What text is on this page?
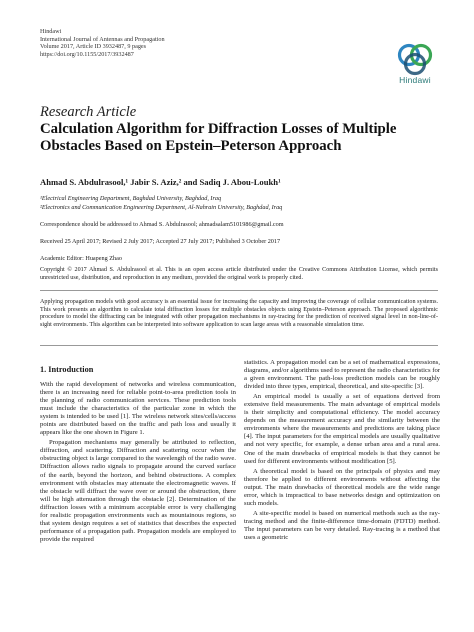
Hindawi
International Journal of Antennas and Propagation
Volume 2017, Article ID 3932487, 9 pages
https://doi.org/10.1155/2017/3932487
Hindawi
Research Article
Calculation Algorithm for Diffraction Losses of Multiple Obstacles Based on Epstein–Peterson Approach
Ahmad S. Abdulrasool,¹ Jabir S. Aziz,² and Sadiq J. Abou-Loukh¹
¹Electrical Engineering Department, Baghdad University, Baghdad, Iraq
²Electronics and Communication Engineering Department, Al-Nahrain University, Baghdad, Iraq
Correspondence should be addressed to Ahmad S. Abdulrasool; ahmadsalam5101986@gmail.com
Received 25 April 2017; Revised 2 July 2017; Accepted 27 July 2017; Published 3 October 2017
Academic Editor: Huapeng Zhao
Copyright © 2017 Ahmad S. Abdulrasool et al. This is an open access article distributed under the Creative Commons Attribution License, which permits unrestricted use, distribution, and reproduction in any medium, provided the original work is properly cited.
Applying propagation models with good accuracy is an essential issue for increasing the capacity and improving the coverage of cellular communication systems. This work presents an algorithm to calculate total diffraction losses for multiple obstacles objects using Epstein–Peterson approach. The proposed algorithmic procedure to model the diffracting can be integrated with other propagation mechanisms in ray-tracing for the prediction of received signal level in non-line-of-sight environments. This algorithm can be interpreted into software application to scan large areas with a reasonable simulation time.
1. Introduction

With the rapid development of networks and wireless communication, there is an increasing need for reliable point-to-area prediction tools in the planning of radio communication services. These prediction tools must include the characteristics of the particular zone in which the system is intended to be used [1]. The wireless network sites/cells/access points are distributed based on the traffic and path loss and usually it appears like the one shown in Figure 1.

Propagation mechanisms may generally be attributed to reflection, diffraction, and scattering. Diffraction and scattering occur when the obstructing object is large compared to the wavelength of the radio wave. Diffraction allows radio signals to propagate around the curved surface of the earth, beyond the horizon, and behind obstructions. A complex environment with obstacles may attenuate the electromagnetic waves. If the obstacle will diffract the wave over or around the obstruction, there will be high attenuation through the obstacle [2]. Determination of the diffraction losses with a minimum acceptable error is very challenging for realistic propagation environments such as mountainous regions, so that system design requires a set of statistics that describes the expected performance of a propagation path. Propagation models are employed to provide the required

statistics. A propagation model can be a set of mathematical expressions, diagrams, and/or algorithms used to represent the radio characteristics for a given environment. The path-loss prediction models can be roughly divided into three types, empirical, theoretical, and site-specific [3].

An empirical model is usually a set of equations derived from extensive field measurements. The main advantage of empirical models is their simplicity and computational efficiency. The model accuracy depends on the measurement accuracy and the similarity between the environments where the measurements and predictions are taking place [4]. The input parameters for the empirical models are usually qualitative and not very specific, for example, a dense urban area and a rural area. One of the main drawbacks of empirical models is that they cannot be used for different environments without modification [5].

A theoretical model is based on the principals of physics and may therefore be applied to different environments without affecting the output. The main drawbacks of theoretical models are the wide range error, which is impractical to base networks design and optimization on such models.

A site-specific model is based on numerical methods such as the ray-tracing method and the finite-difference time-domain (FDTD) method. The input parameters can be very detailed. Ray-tracing is a method that uses a geometric
